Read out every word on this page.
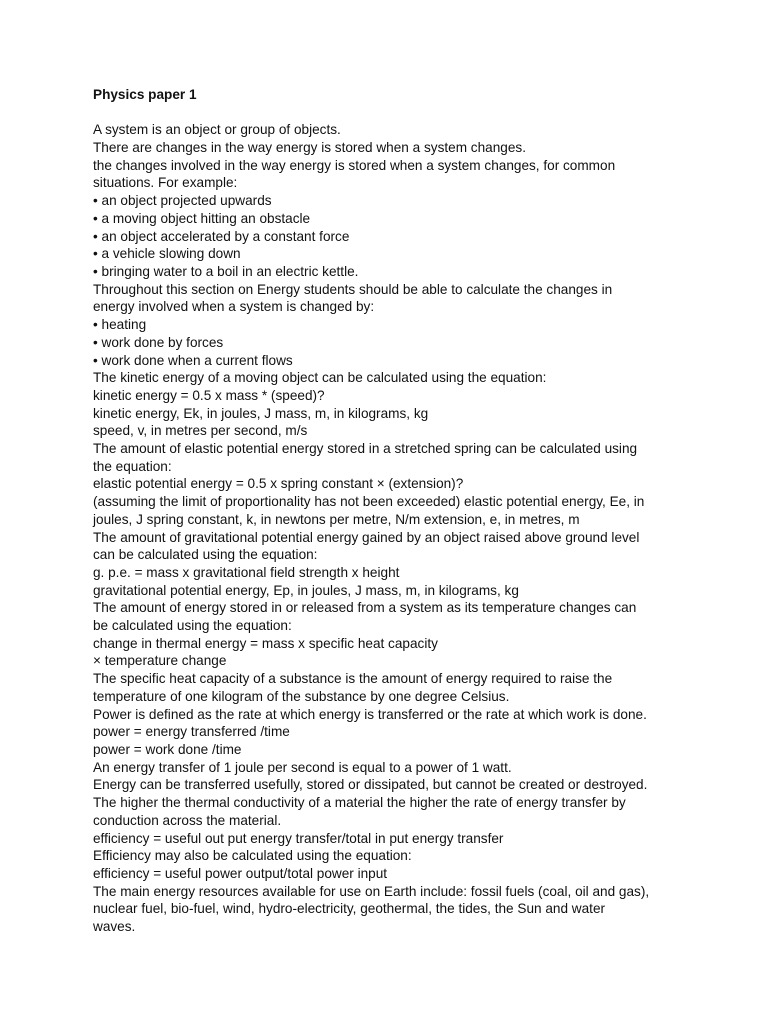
Physics paper 1
A system is an object or group of objects.
There are changes in the way energy is stored when a system changes.
the changes involved in the way energy is stored when a system changes, for common
situations. For example:
• an object projected upwards
• a moving object hitting an obstacle
• an object accelerated by a constant force
• a vehicle slowing down
• bringing water to a boil in an electric kettle.
Throughout this section on Energy students should be able to calculate the changes in
energy involved when a system is changed by:
• heating
• work done by forces
• work done when a current flows
The kinetic energy of a moving object can be calculated using the equation:
kinetic energy = 0.5 x mass * (speed)?
kinetic energy, Ek, in joules, J mass, m, in kilograms, kg
speed, v, in metres per second, m/s
The amount of elastic potential energy stored in a stretched spring can be calculated using
the equation:
elastic potential energy = 0.5 x spring constant × (extension)?
(assuming the limit of proportionality has not been exceeded) elastic potential energy, Ee, in
joules, J spring constant, k, in newtons per metre, N/m extension, e, in metres, m
The amount of gravitational potential energy gained by an object raised above ground level
can be calculated using the equation:
g. p.e. = mass x gravitational field strength x height
gravitational potential energy, Ep, in joules, J mass, m, in kilograms, kg
The amount of energy stored in or released from a system as its temperature changes can
be calculated using the equation:
change in thermal energy = mass x specific heat capacity
× temperature change
The specific heat capacity of a substance is the amount of energy required to raise the
temperature of one kilogram of the substance by one degree Celsius.
Power is defined as the rate at which energy is transferred or the rate at which work is done.
power = energy transferred /time
power = work done /time
An energy transfer of 1 joule per second is equal to a power of 1 watt.
Energy can be transferred usefully, stored or dissipated, but cannot be created or destroyed.
The higher the thermal conductivity of a material the higher the rate of energy transfer by
conduction across the material.
efficiency = useful out put energy transfer/total in put energy transfer
Efficiency may also be calculated using the equation:
efficiency = useful power output/total power input
The main energy resources available for use on Earth include: fossil fuels (coal, oil and gas),
nuclear fuel, bio-fuel, wind, hydro-electricity, geothermal, the tides, the Sun and water
waves.
